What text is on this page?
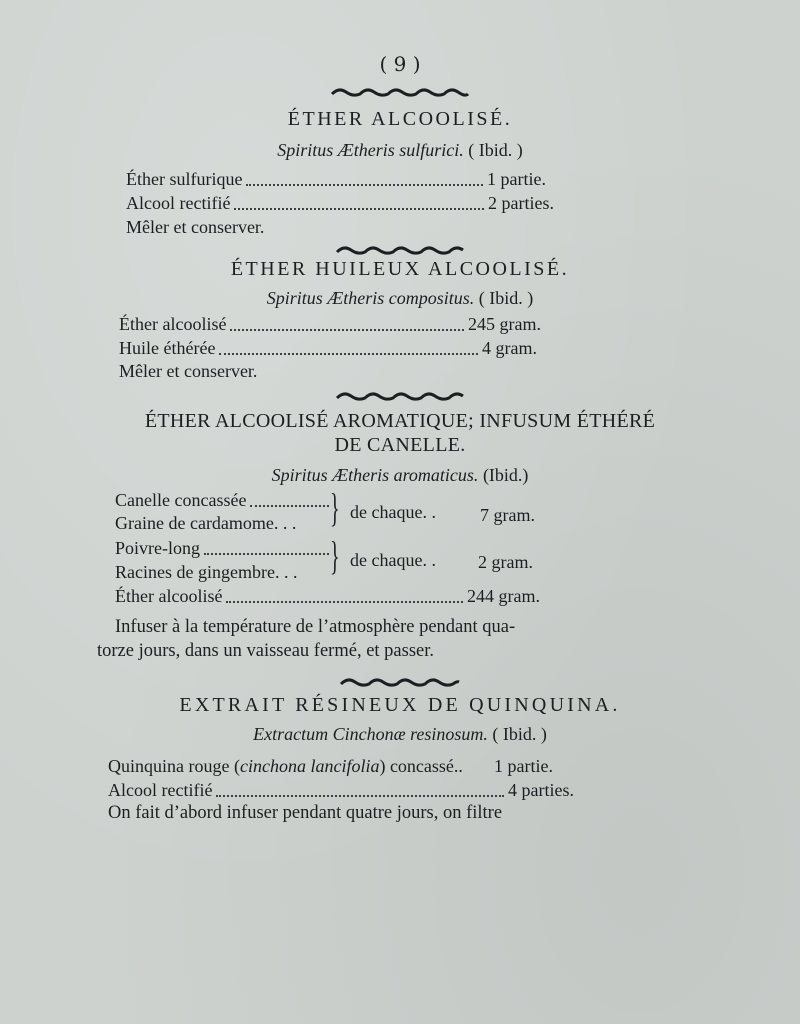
( 9 )
ÉTHER ALCOOLISÉ.
Spiritus Ætheris sulfurici. ( Ibid. )
Éther sulfurique	1 partie.
Alcool rectifié	2 parties.
Mêler et conserver.
ÉTHER HUILEUX ALCOOLISÉ.
Spiritus Ætheris compositus. ( Ibid. )
Éther alcoolisé	245 gram.
Huile éthérée	4 gram.
Mêler et conserver.
ÉTHER ALCOOLISÉ AROMATIQUE; INFUSUM ÉTHÉRÉ
DE CANELLE.
Spiritus Ætheris aromaticus. (Ibid.)
Canelle concassée
Graine de cardamome. . . } de chaque. . 7 gram.
Poivre-long
Racines de gingembre. . . } de chaque. . 2 gram.
Éther alcoolisé	244 gram.
Infuser à la température de l’atmosphère pendant qua-
torze jours, dans un vaisseau fermé, et passer.
EXTRAIT RÉSINEUX DE QUINQUINA.
Extractum Cinchonæ resinosum. ( Ibid. )
Quinquina rouge (cinchona lancifolia) concassé.. 1 partie.
Alcool rectifié	4 parties.
On fait d’abord infuser pendant quatre jours, on filtre
